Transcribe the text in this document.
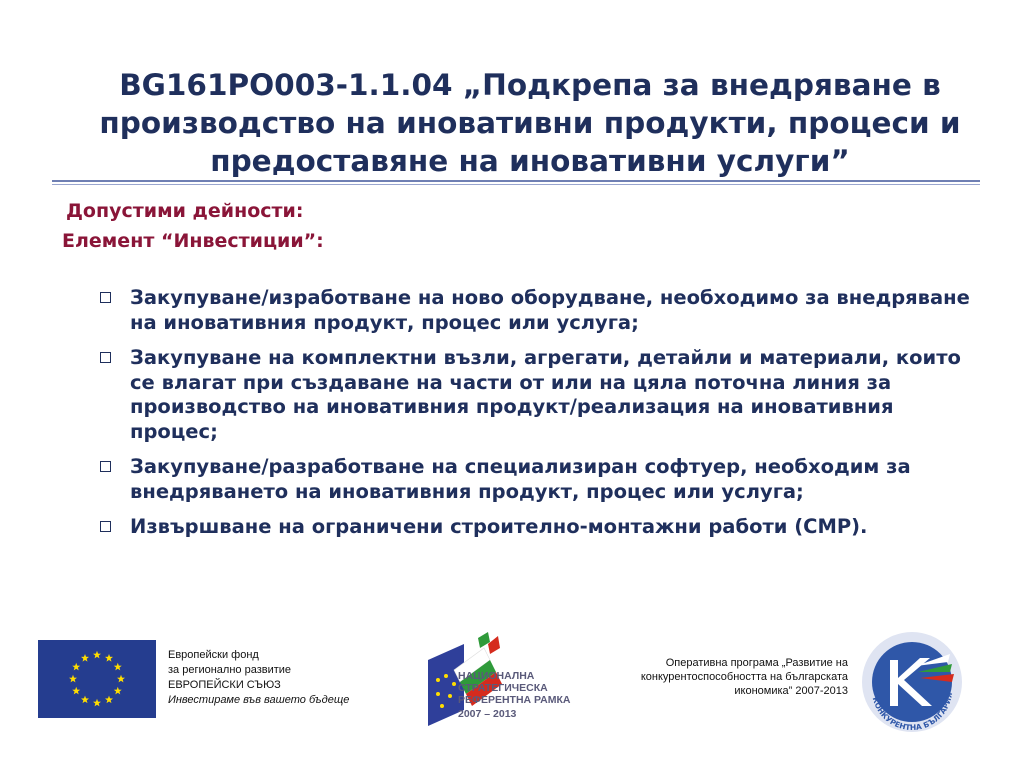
BG161PO003-1.1.04 „Подкрепа за внедряване в
производство на иновативни продукти, процеси и
предоставяне на иновативни услуги”
Допустими дейности:
Елемент “Инвестиции”:
Закупуване/изработване на ново оборудване, необходимо за внедряване на иновативния продукт, процес или услуга;
Закупуване на комплектни възли, агрегати, детайли и материали, които се влагат при създаване на части от или на цяла поточна линия за производство на иновативния продукт/реализация на иновативния процес;
Закупуване/разработване на специализиран софтуер, необходим за внедряването на иновативния продукт, процес или услуга;
Извършване на ограничени строително-монтажни работи (СМР).
Европейски фонд
за регионално развитие
ЕВРОПЕЙСКИ СЪЮЗ
Инвестираме във вашето бъдеще
НАЦИОНАЛНА
СТРАТЕГИЧЕСКА
РЕФЕРЕНТНА РАМКА
2007 – 2013
Оперативна програма „Развитие на
конкурентоспособността на българската
икономика” 2007-2013
КОНКУРЕНТНА БЪЛГАРИЯ
